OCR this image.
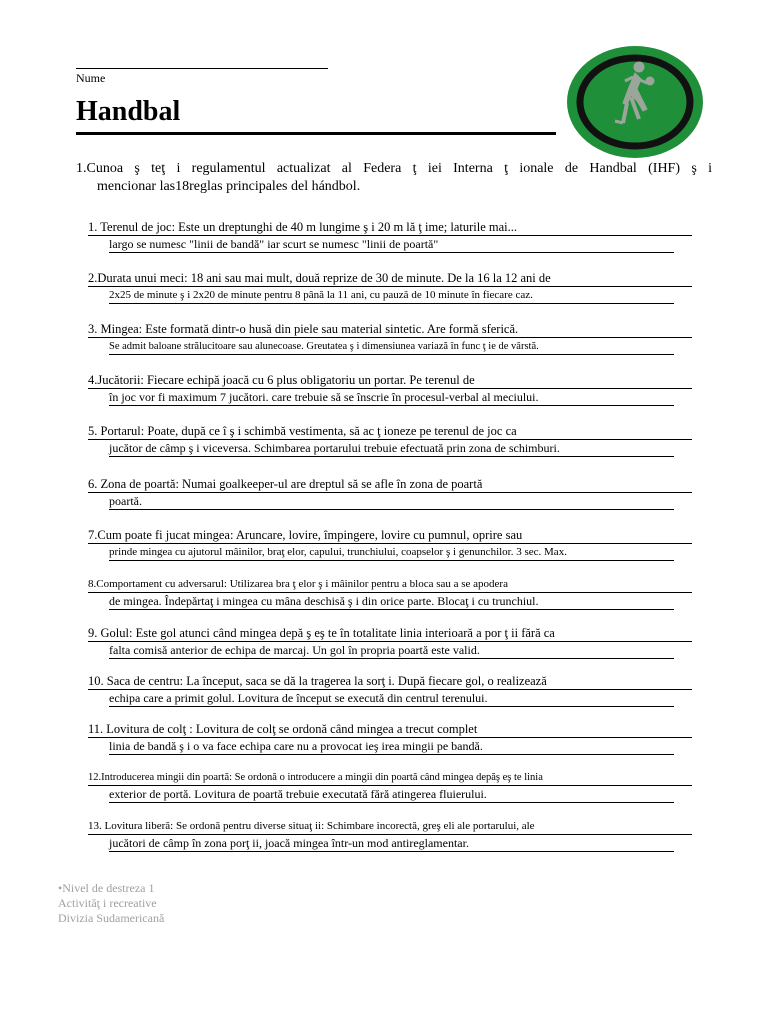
Nume
Handbal
1.Cunoa ş teţ i regulamentul actualizat al Federa ţ iei Interna ţ ionale de Handbal (IHF) ş i
mencionar las18reglas principales del hándbol.
1. Terenul de joc: Este un dreptunghi de 40 m lungime ş i 20 m lă ţ ime; laturile mai...
largo se numesc "linii de bandă" iar scurt se numesc "linii de poartă"
2.Durata unui meci: 18 ani sau mai mult, două reprize de 30 de minute. De la 16 la 12 ani de
2x25 de minute ş i 2x20 de minute pentru 8 până la 11 ani, cu pauză de 10 minute în fiecare caz.
3. Mingea: Este formată dintr-o husă din piele sau material sintetic. Are formă sferică.
Se admit baloane strălucitoare sau alunecoase. Greutatea ş i dimensiunea variază în func ţ ie de vârstă.
4.Jucătorii: Fiecare echipă joacă cu 6 plus obligatoriu un portar. Pe terenul de
în joc vor fi maximum 7 jucători. care trebuie să se înscrie în procesul-verbal al meciului.
5. Portarul: Poate, după ce î ş i schimbă vestimenta, să ac ţ ioneze pe terenul de joc ca
jucător de câmp ş i viceversa. Schimbarea portarului trebuie efectuată prin zona de schimburi.
6. Zona de poartă: Numai goalkeeper-ul are dreptul să se afle în zona de poartă
poartă.
7.Cum poate fi jucat mingea: Aruncare, lovire, împingere, lovire cu pumnul, oprire sau
prinde mingea cu ajutorul mâinilor, braţ elor, capului, trunchiului, coapselor ş i genunchilor. 3 sec. Max.
8.Comportament cu adversarul: Utilizarea bra ţ elor ş i mâinilor pentru a bloca sau a se apodera
de mingea. Îndepărtaţ i mingea cu mâna deschisă ş i din orice parte. Blocaţ i cu trunchiul.
9. Golul: Este gol atunci când mingea depă ş eş te în totalitate linia interioară a por ţ ii fără ca
falta comisă anterior de echipa de marcaj. Un gol în propria poartă este valid.
10. Saca de centru: La început, saca se dă la tragerea la sorţ i. După fiecare gol, o realizează
echipa care a primit golul. Lovitura de început se execută din centrul terenului.
11. Lovitura de colţ : Lovitura de colţ se ordonă când mingea a trecut complet
linia de bandă ş i o va face echipa care nu a provocat ieş irea mingii pe bandă.
12.Introducerea mingii din poartă: Se ordonă o introducere a mingii din poartă când mingea depăş eş te linia
exterior de portă. Lovitura de poartă trebuie executată fără atingerea fluierului.
13. Lovitura liberă: Se ordonă pentru diverse situaţ ii: Schimbare incorectă, greş eli ale portarului, ale
jucători de câmp în zona porţ ii, joacă mingea într-un mod antireglamentar.
•Nivel de destreza 1
Activităţ i recreative
Divizia Sudamericană
